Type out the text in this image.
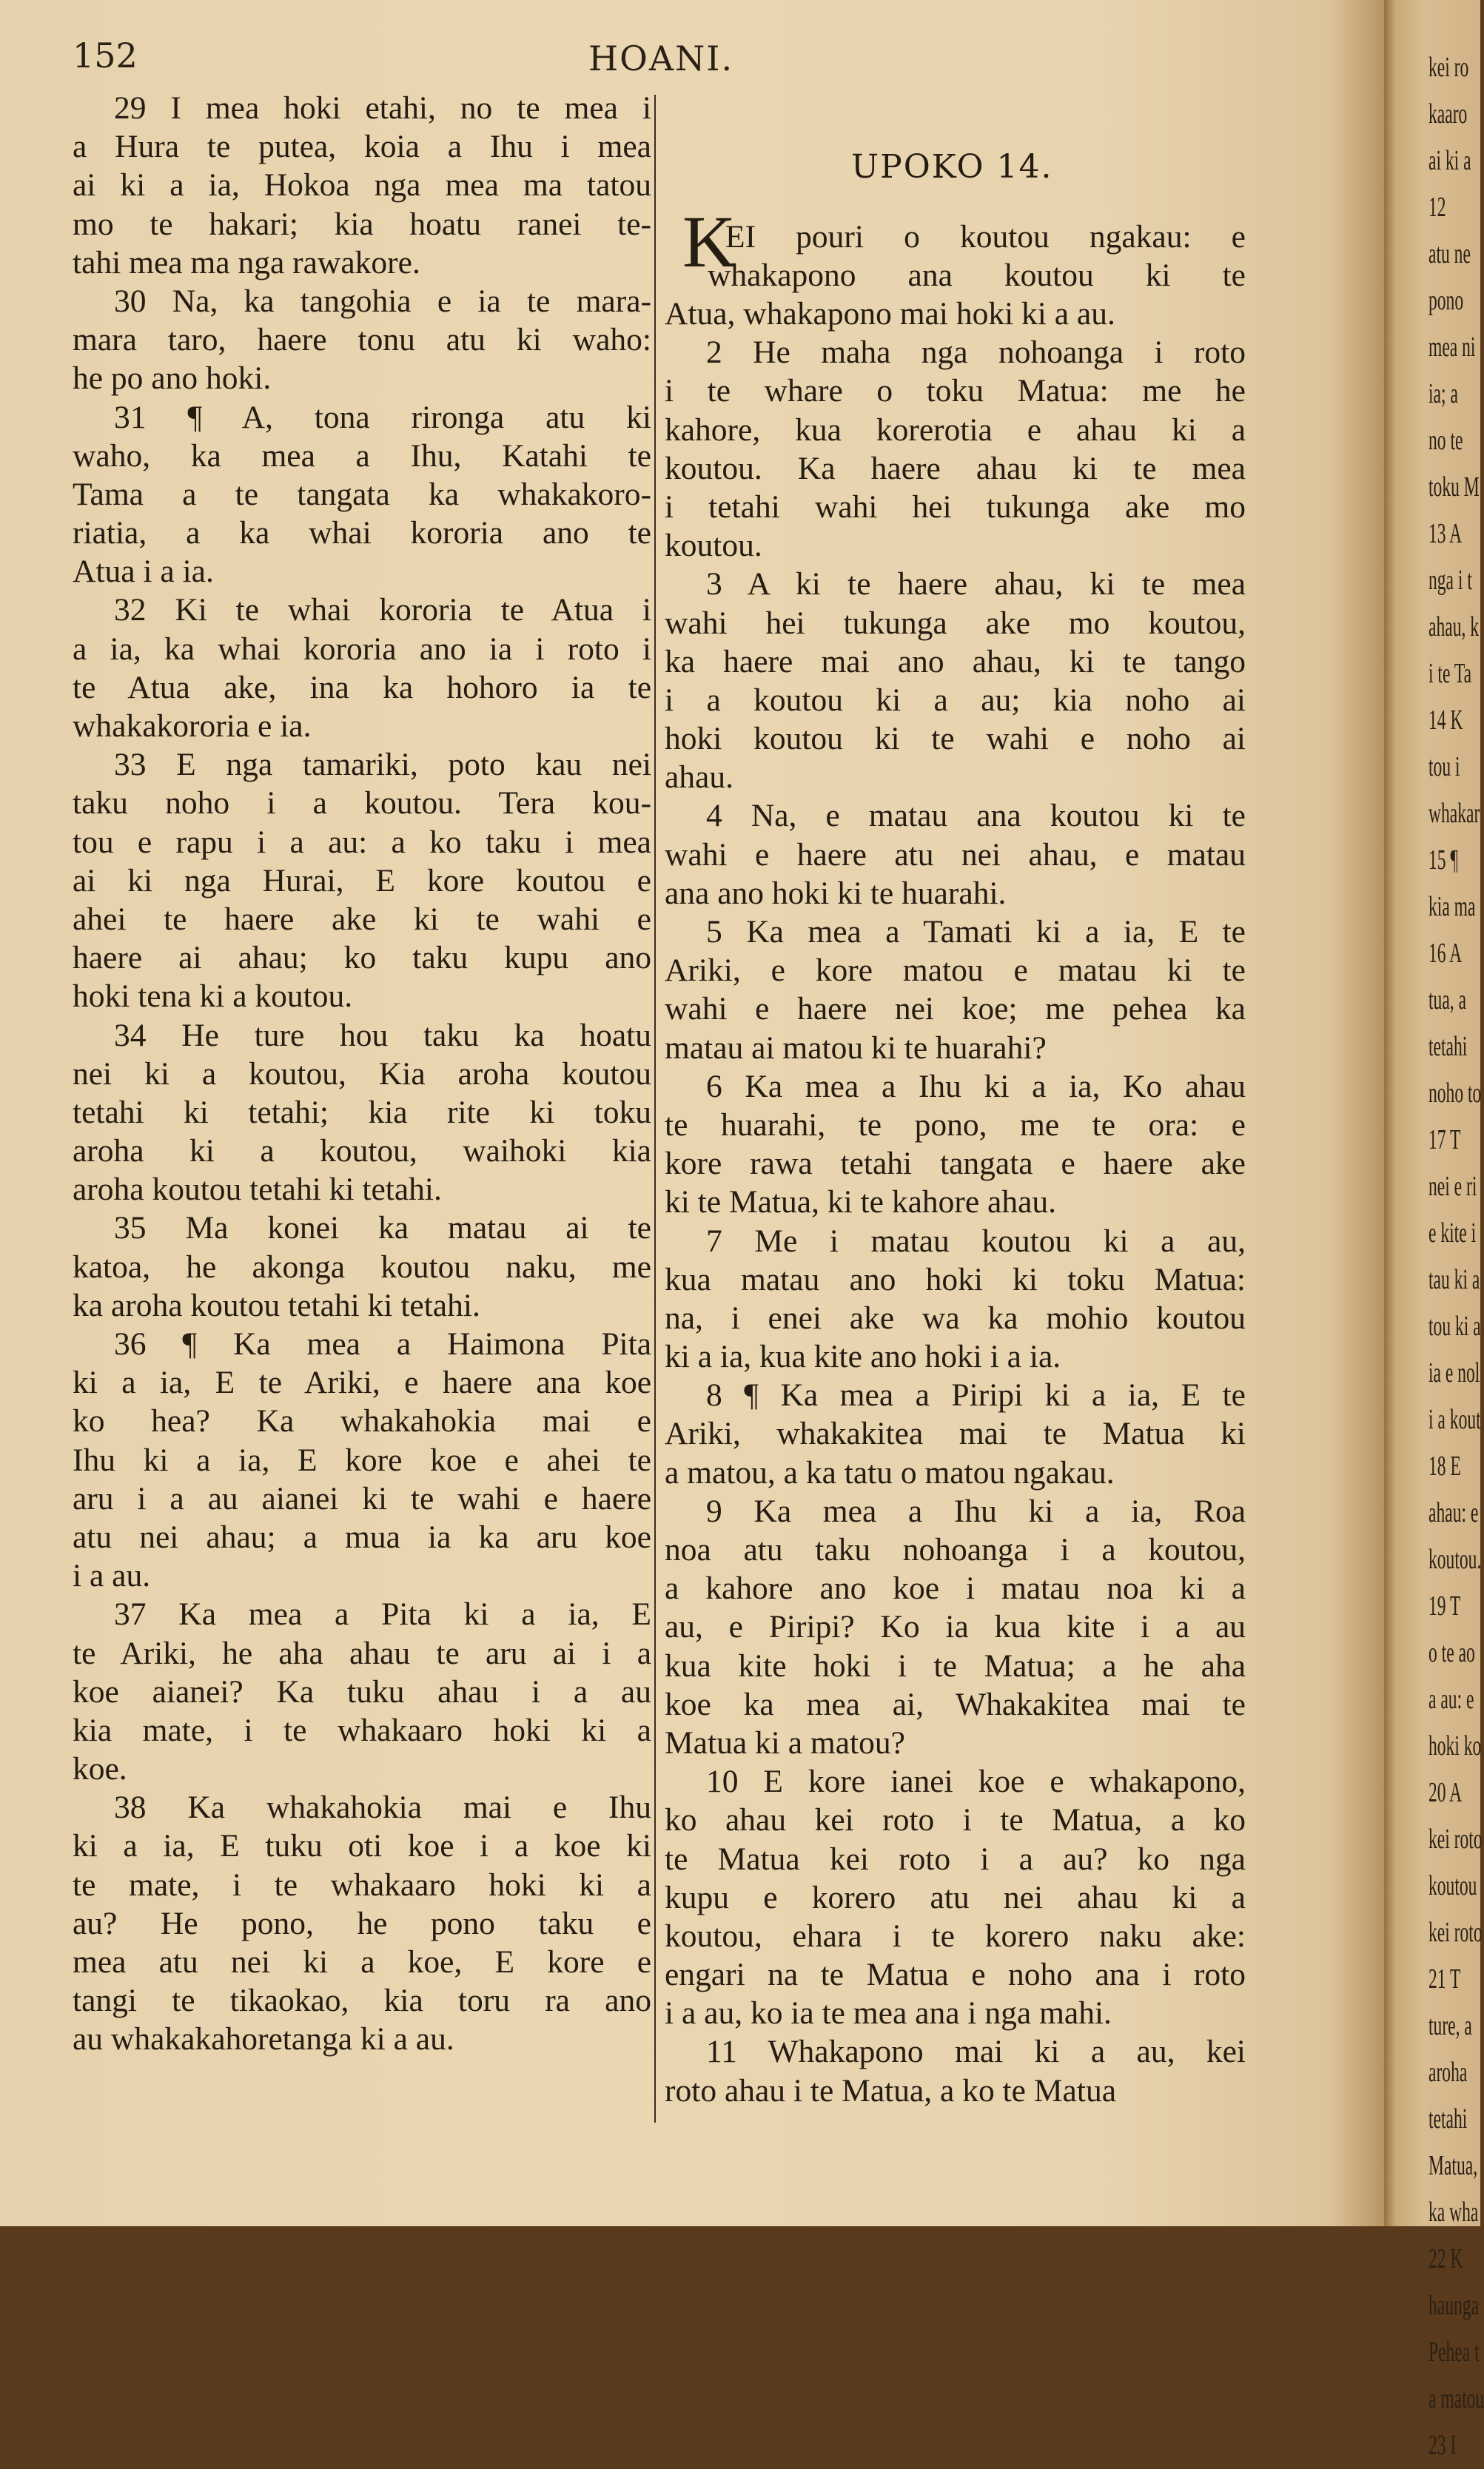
152	HOANI.
29 I mea hoki etahi, no te mea i
a Hura te putea, koia a Ihu i mea
ai ki a ia, Hokoa nga mea ma tatou
mo te hakari; kia hoatu ranei te-
tahi mea ma nga rawakore.
30 Na, ka tangohia e ia te mara-
mara taro, haere tonu atu ki waho:
he po ano hoki.
31 ¶ A, tona rironga atu ki
waho, ka mea a Ihu, Katahi te
Tama a te tangata ka whakakoro-
riatia, a ka whai kororia ano te
Atua i a ia.
32 Ki te whai kororia te Atua i
a ia, ka whai kororia ano ia i roto i
te Atua ake, ina ka hohoro ia te
whakakororia e ia.
33 E nga tamariki, poto kau nei
taku noho i a koutou. Tera kou-
tou e rapu i a au: a ko taku i mea
ai ki nga Hurai, E kore koutou e
ahei te haere ake ki te wahi e
haere ai ahau; ko taku kupu ano
hoki tena ki a koutou.
34 He ture hou taku ka hoatu
nei ki a koutou, Kia aroha koutou
tetahi ki tetahi; kia rite ki toku
aroha ki a koutou, waihoki kia
aroha koutou tetahi ki tetahi.
35 Ma konei ka matau ai te
katoa, he akonga koutou naku, me
ka aroha koutou tetahi ki tetahi.
36 ¶ Ka mea a Haimona Pita
ki a ia, E te Ariki, e haere ana koe
ko hea? Ka whakahokia mai e
Ihu ki a ia, E kore koe e ahei te
aru i a au aianei ki te wahi e haere
atu nei ahau; a mua ia ka aru koe
i a au.
37 Ka mea a Pita ki a ia, E
te Ariki, he aha ahau te aru ai i a
koe aianei? Ka tuku ahau i a au
kia mate, i te whakaaro hoki ki a
koe.
38 Ka whakahokia mai e Ihu
ki a ia, E tuku oti koe i a koe ki
te mate, i te whakaaro hoki ki a
au? He pono, he pono taku e
mea atu nei ki a koe, E kore e
tangi te tikaokao, kia toru ra ano
au whakakahoretanga ki a au.
UPOKO 14.
K
EI pouri o koutou ngakau: e
whakapono ana koutou ki te
Atua, whakapono mai hoki ki a au.
2 He maha nga nohoanga i roto
i te whare o toku Matua: me he
kahore, kua korerotia e ahau ki a
koutou. Ka haere ahau ki te mea
i tetahi wahi hei tukunga ake mo
koutou.
3 A ki te haere ahau, ki te mea
wahi hei tukunga ake mo koutou,
ka haere mai ano ahau, ki te tango
i a koutou ki a au; kia noho ai
hoki koutou ki te wahi e noho ai
ahau.
4 Na, e matau ana koutou ki te
wahi e haere atu nei ahau, e matau
ana ano hoki ki te huarahi.
5 Ka mea a Tamati ki a ia, E te
Ariki, e kore matou e matau ki te
wahi e haere nei koe; me pehea ka
matau ai matou ki te huarahi?
6 Ka mea a Ihu ki a ia, Ko ahau
te huarahi, te pono, me te ora: e
kore rawa tetahi tangata e haere ake
ki te Matua, ki te kahore ahau.
7 Me i matau koutou ki a au,
kua matau ano hoki ki toku Matua:
na, i enei ake wa ka mohio koutou
ki a ia, kua kite ano hoki i a ia.
8 ¶ Ka mea a Piripi ki a ia, E te
Ariki, whakakitea mai te Matua ki
a matou, a ka tatu o matou ngakau.
9 Ka mea a Ihu ki a ia, Roa
noa atu taku nohoanga i a koutou,
a kahore ano koe i matau noa ki a
au, e Piripi? Ko ia kua kite i a au
kua kite hoki i te Matua; a he aha
koe ka mea ai, Whakakitea mai te
Matua ki a matou?
10 E kore ianei koe e whakapono,
ko ahau kei roto i te Matua, a ko
te Matua kei roto i a au? ko nga
kupu e korero atu nei ahau ki a
koutou, ehara i te korero naku ake:
engari na te Matua e noho ana i roto
i a au, ko ia te mea ana i nga mahi.
11 Whakapono mai ki a au, kei
roto ahau i te Matua, a ko te Matua
kei ro
kaaro
ai ki a
12
atu ne
pono
mea ni
ia; a
no te
toku M
13 A
nga i t
ahau, k
i te Ta
14 K
tou i
whakar
15 ¶
kia ma
16 A
tua, a
tetahi
noho to
17 T
nei e ri
e kite i
tau ki a
tou ki a
ia e nol
i a kout
18 E
ahau: e
koutou.
19 T
o te ao
a au: e
hoki ko
20 A
kei roto
koutou
kei roto
21 T
ture, a
aroha
tetahi
Matua,
ka wha
22 K
haunga
Pehea t
a matou
23 I
